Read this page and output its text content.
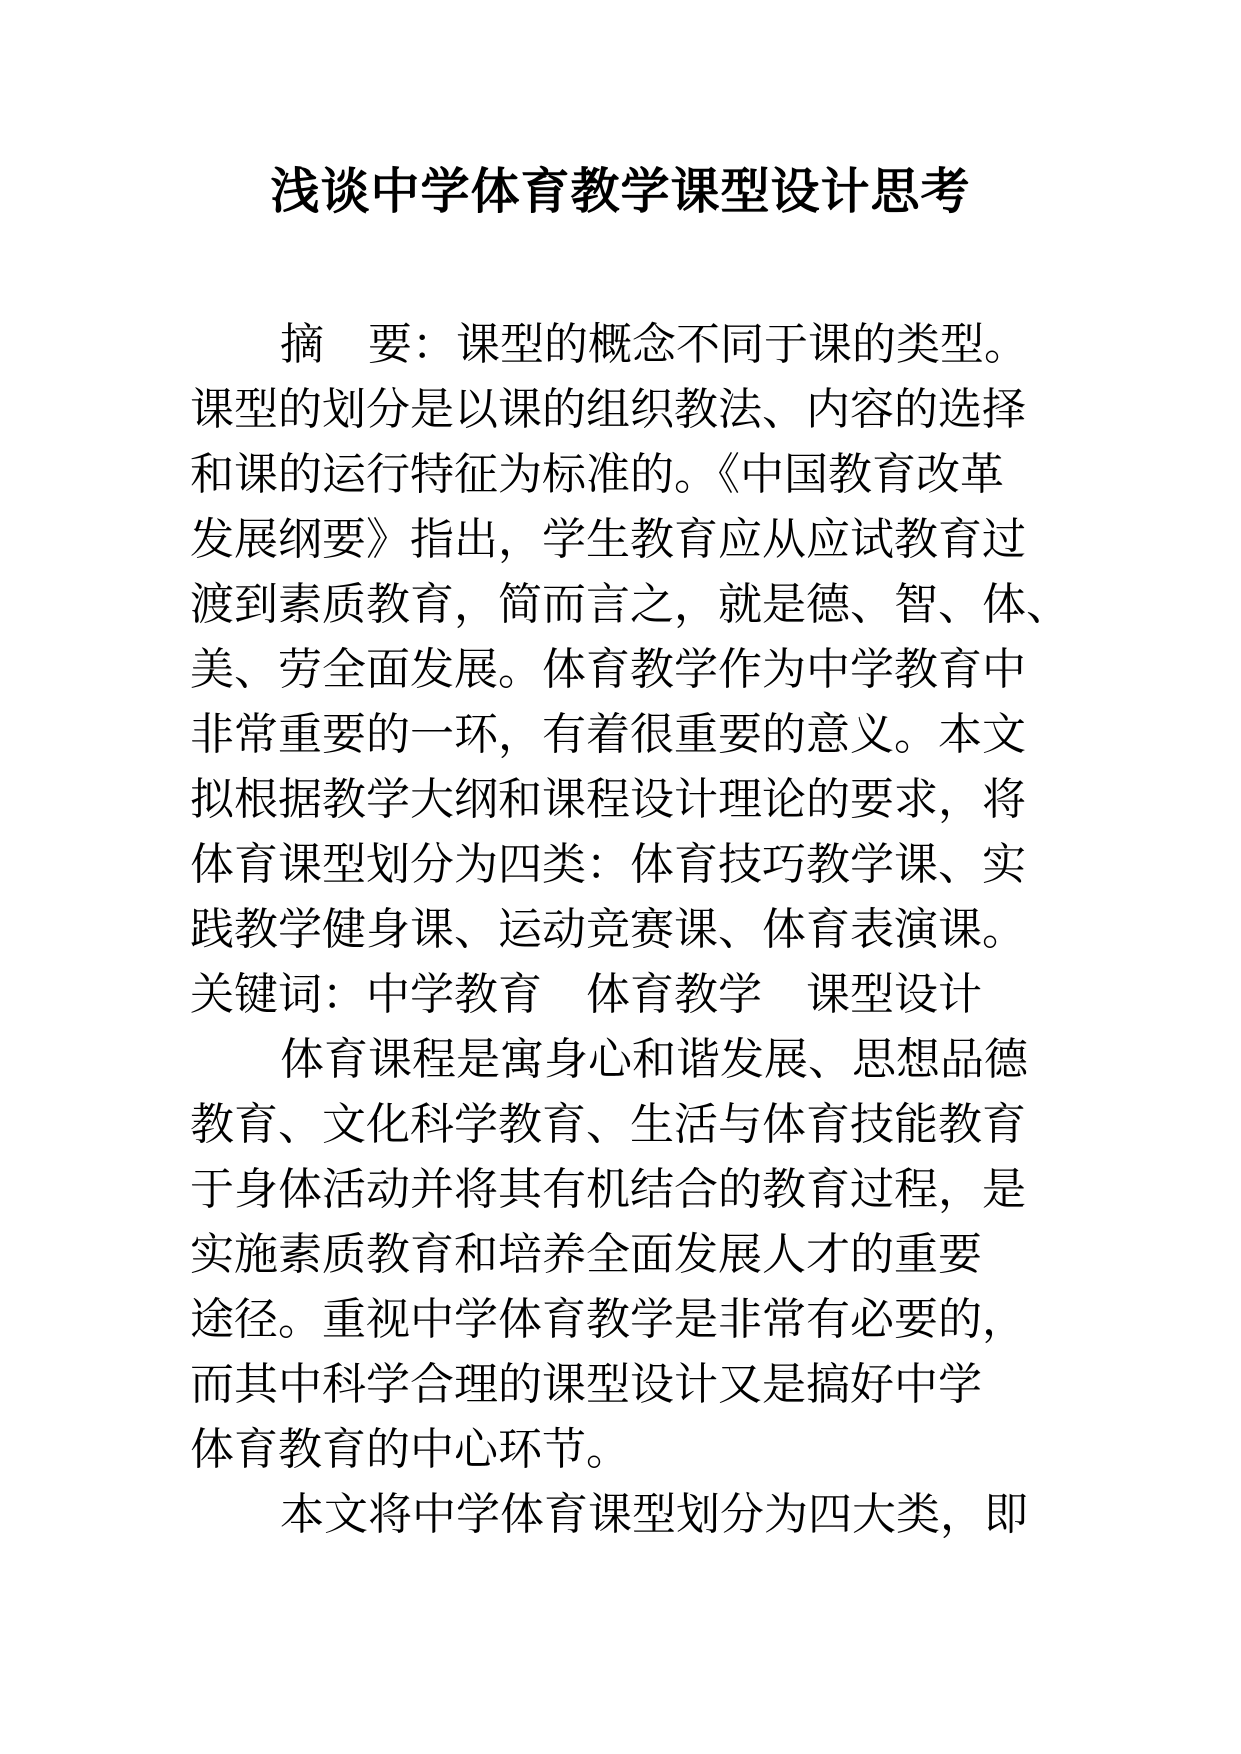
浅谈中学体育教学课型设计思考
摘　要：课型的概念不同于课的类型。
课型的划分是以课的组织教法、内容的选择
和课的运行特征为标准的。《中国教育改革
发展纲要》指出，学生教育应从应试教育过
渡到素质教育，简而言之，就是德、智、体、
美、劳全面发展。体育教学作为中学教育中
非常重要的一环，有着很重要的意义。本文
拟根据教学大纲和课程设计理论的要求，将
体育课型划分为四类：体育技巧教学课、实
践教学健身课、运动竞赛课、体育表演课。
关键词：中学教育　体育教学　课型设计
体育课程是寓身心和谐发展、思想品德
教育、文化科学教育、生活与体育技能教育
于身体活动并将其有机结合的教育过程，是
实施素质教育和培养全面发展人才的重要
途径。重视中学体育教学是非常有必要的，
而其中科学合理的课型设计又是搞好中学
体育教育的中心环节。
本文将中学体育课型划分为四大类，即
